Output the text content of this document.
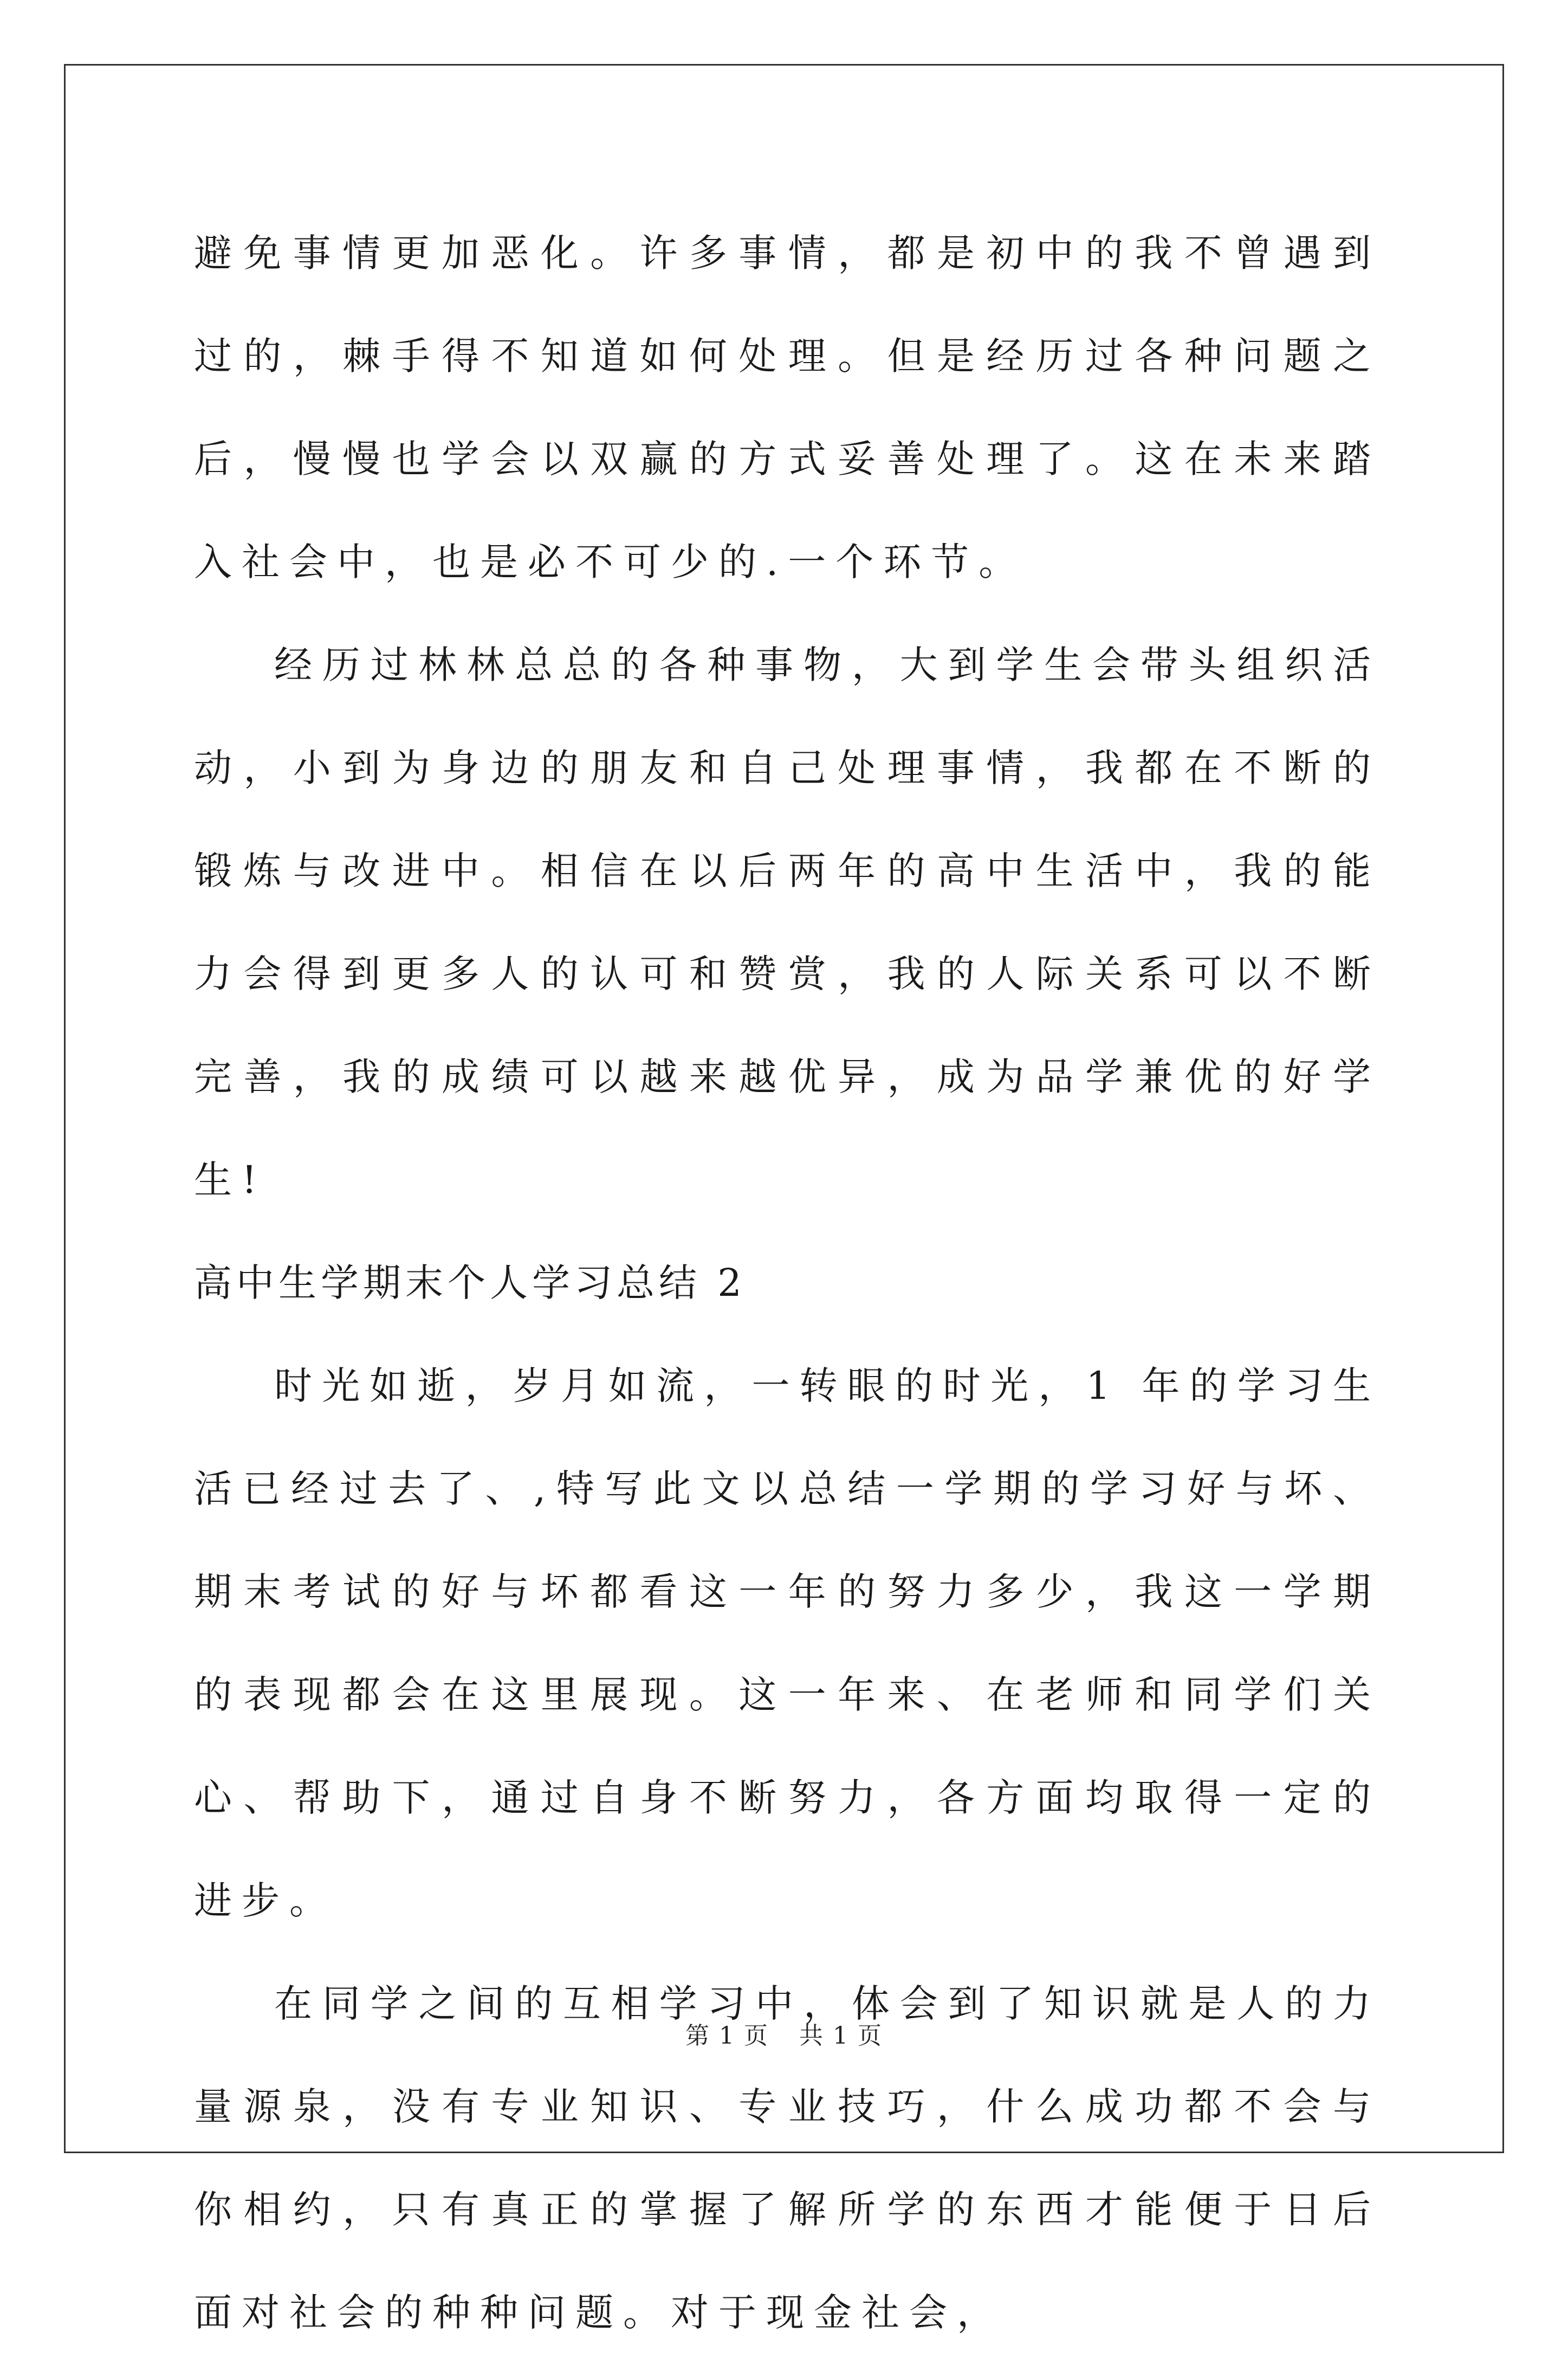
避免事情更加恶化。许多事情，都是初中的我不曾遇到过的，棘手得不知道如何处理。但是经历过各种问题之后，慢慢也学会以双赢的方式妥善处理了。这在未来踏入社会中，也是必不可少的.一个环节。

经历过林林总总的各种事物，大到学生会带头组织活动，小到为身边的朋友和自己处理事情，我都在不断的锻炼与改进中。相信在以后两年的高中生活中，我的能力会得到更多人的认可和赞赏，我的人际关系可以不断完善，我的成绩可以越来越优异，成为品学兼优的好学生!

高中生学期末个人学习总结 2

时光如逝，岁月如流，一转眼的时光，1 年的学习生活已经过去了、,特写此文以总结一学期的学习好与坏、期末考试的好与坏都看这一年的努力多少，我这一学期的表现都会在这里展现。这一年来、在老师和同学们关心、帮助下，通过自身不断努力，各方面均取得一定的进步。

在同学之间的互相学习中，体会到了知识就是人的力量源泉，没有专业知识、专业技巧，什么成功都不会与你相约，只有真正的掌握了解所学的东西才能便于日后面对社会的种种问题。对于现金社会，

第 1 页 共 1 页
